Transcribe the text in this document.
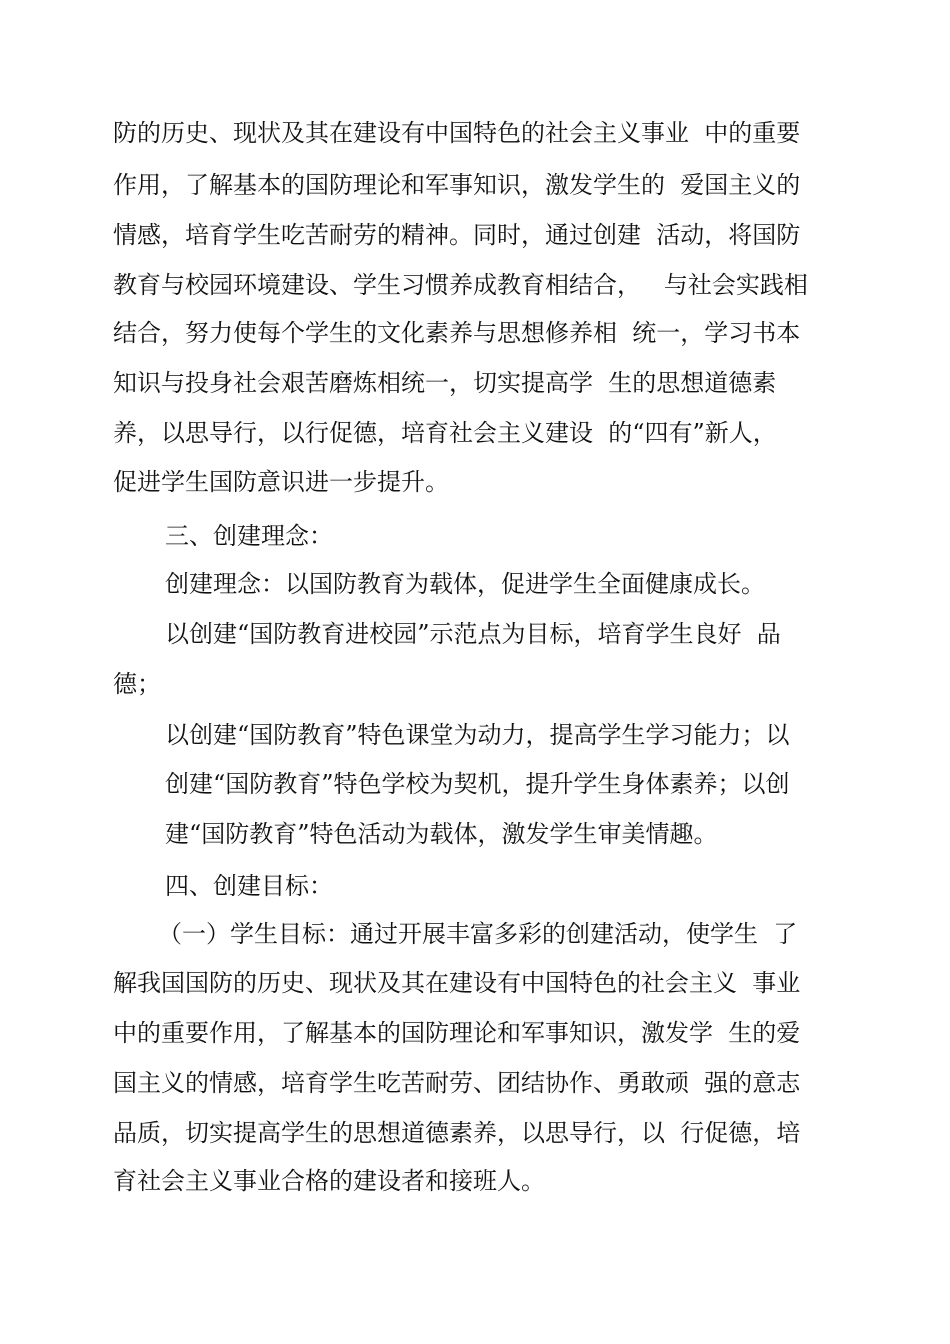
防的历史、现状及其在建设有中国特色的社会主义事业  中的重要
作用，了解基本的国防理论和军事知识，激发学生的  爱国主义的
情感，培育学生吃苦耐劳的精神。同时，通过创建  活动，将国防
教育与校园环境建设、学生习惯养成教育相结合，   与社会实践相
结合，努力使每个学生的文化素养与思想修养相  统一，学习书本
知识与投身社会艰苦磨炼相统一，切实提高学  生的思想道德素
养，以思导行，以行促德，培育社会主义建设  的“四有”新人，
促进学生国防意识进一步提升。
三、创建理念：
创建理念：以国防教育为载体，促进学生全面健康成长。
以创建“国防教育进校园”示范点为目标，培育学生良好  品
德；
以创建“国防教育”特色课堂为动力，提高学生学习能力；以
创建“国防教育”特色学校为契机，提升学生身体素养；以创
建“国防教育”特色活动为载体，激发学生审美情趣。
四、创建目标：
（一）学生目标：通过开展丰富多彩的创建活动，使学生  了
解我国国防的历史、现状及其在建设有中国特色的社会主义  事业
中的重要作用，了解基本的国防理论和军事知识，激发学  生的爱
国主义的情感，培育学生吃苦耐劳、团结协作、勇敢顽  强的意志
品质，切实提高学生的思想道德素养，以思导行，以  行促德，培
育社会主义事业合格的建设者和接班人。
